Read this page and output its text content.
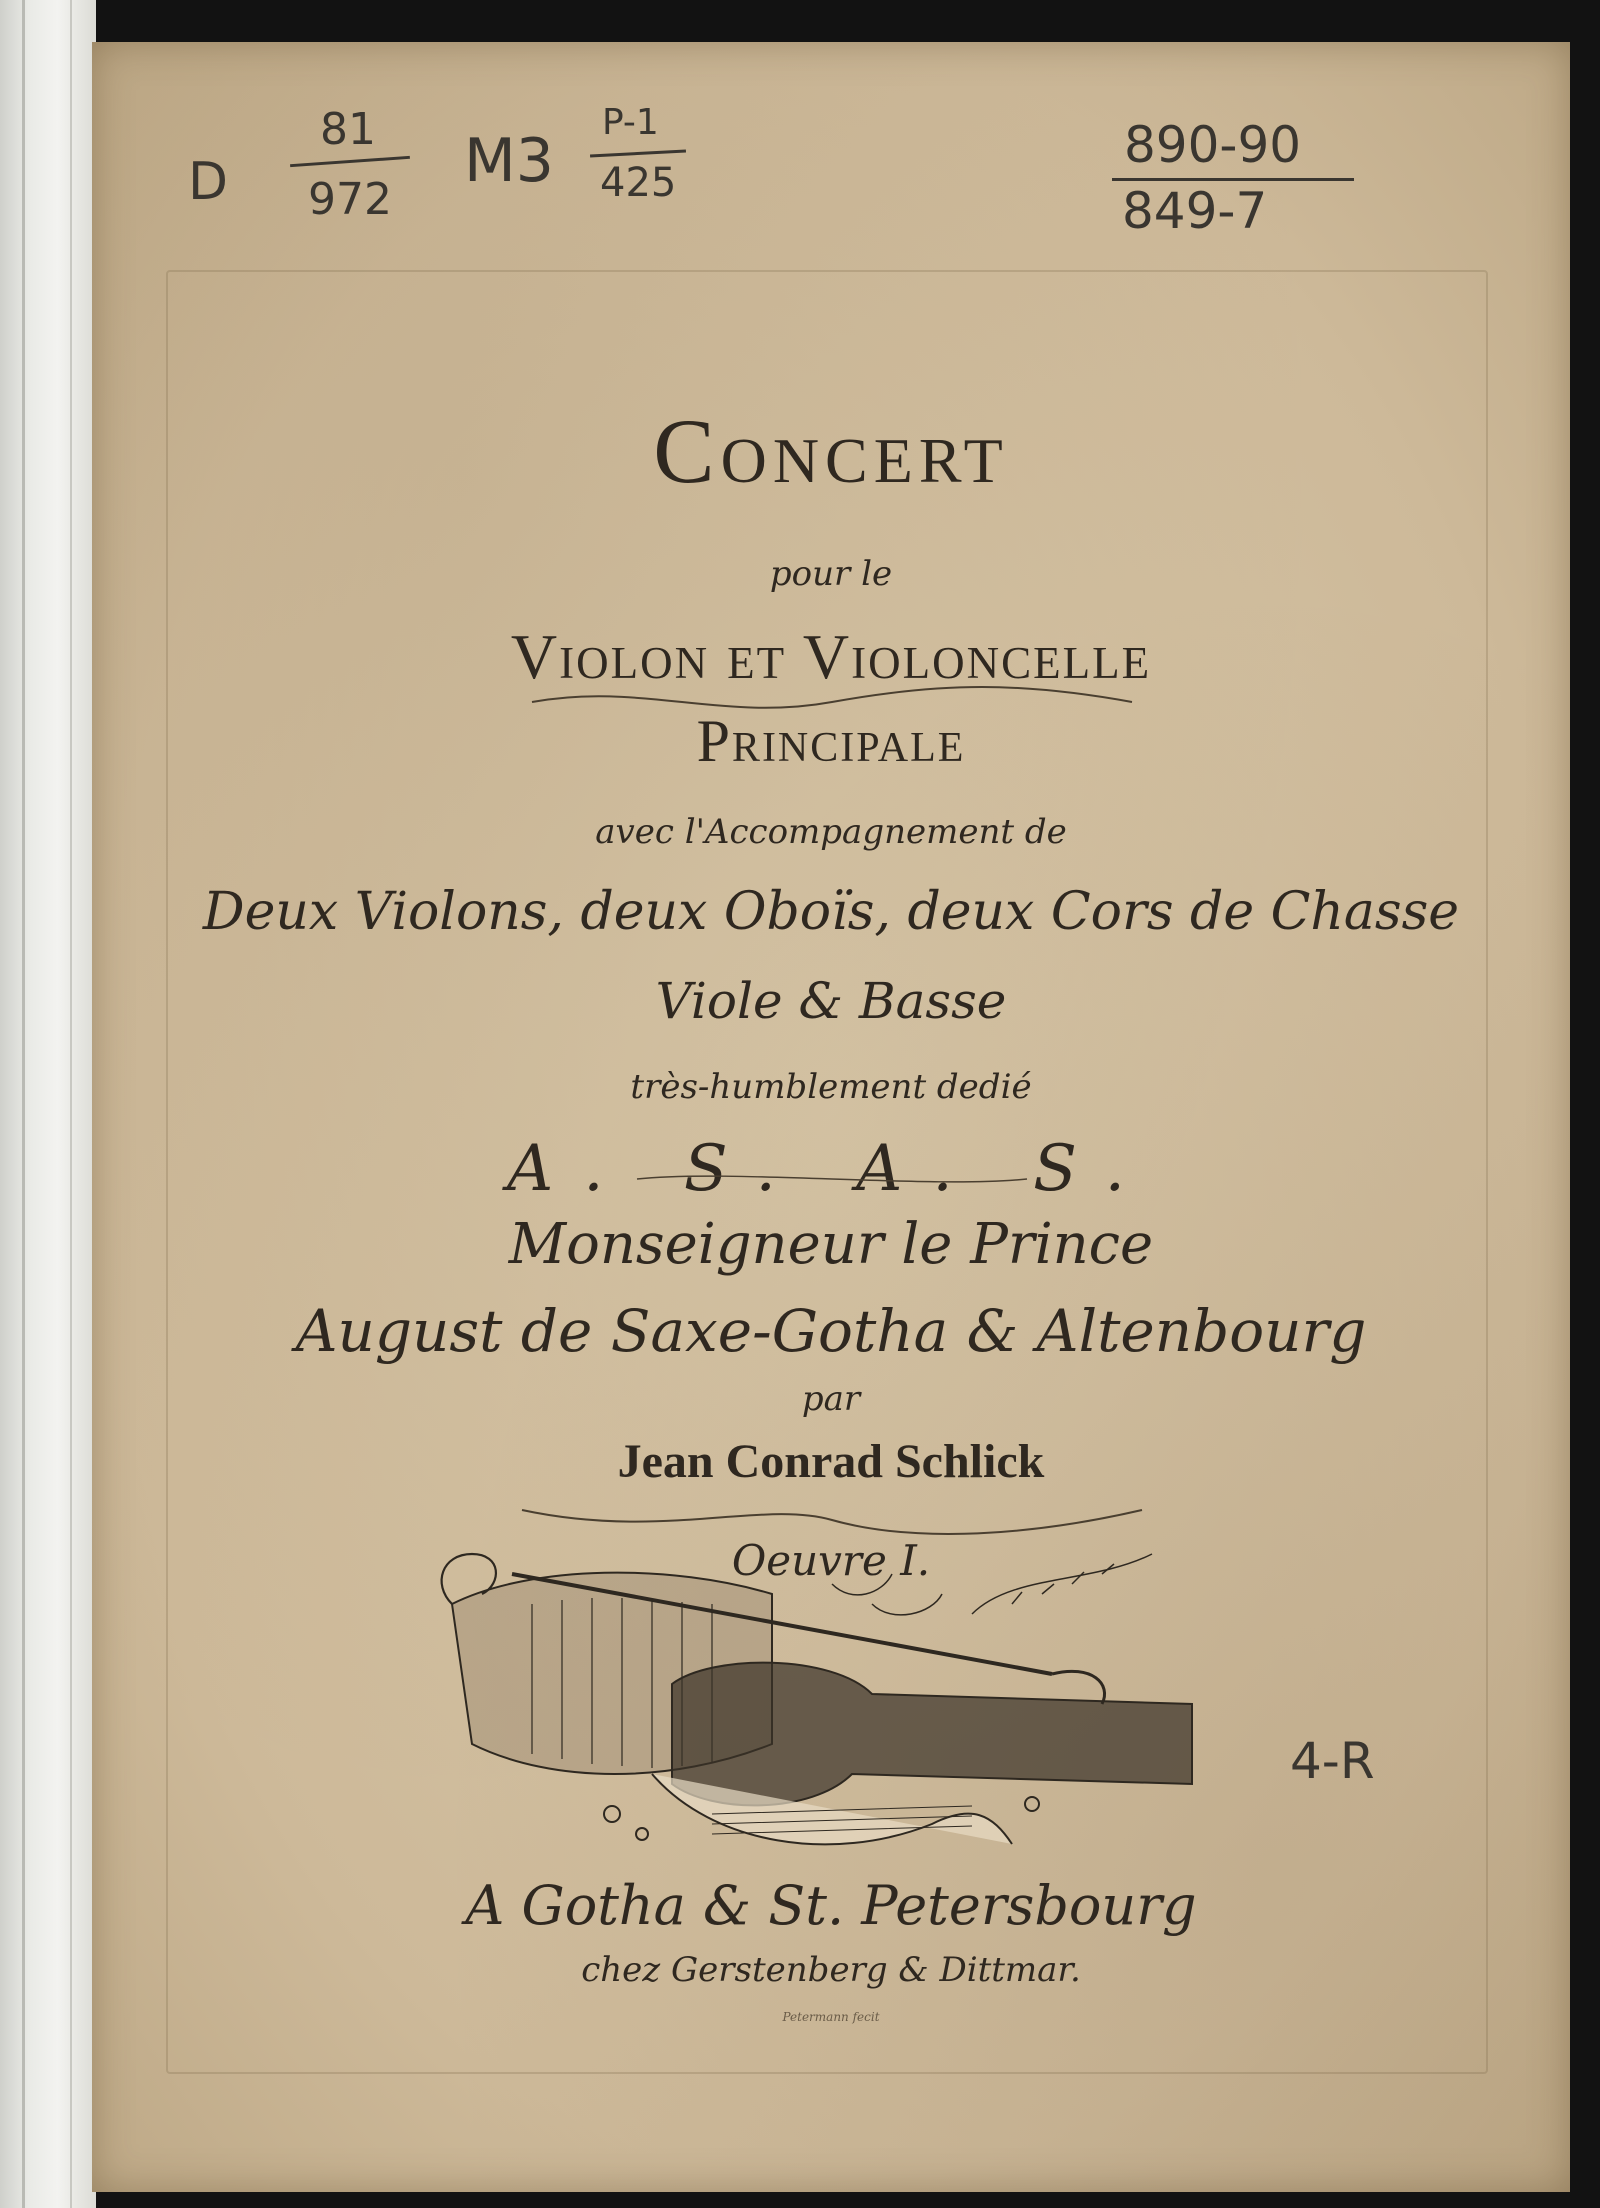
D
81
972
M3
P-1
425
890-90
849-7
4-R
Concert
pour le
Violon et Violoncelle
Principale
avec l'Accompagnement de
Deux Violons, deux Oboïs, deux Cors de Chasse
Viole & Basse
très-humblement dedié
A. S. A. S.
Monseigneur le Prince
August de Saxe-Gotha & Altenbourg
par
Jean Conrad Schlick
Oeuvre I.
A Gotha & St. Petersbourg
chez Gerstenberg & Dittmar.
Petermann fecit
